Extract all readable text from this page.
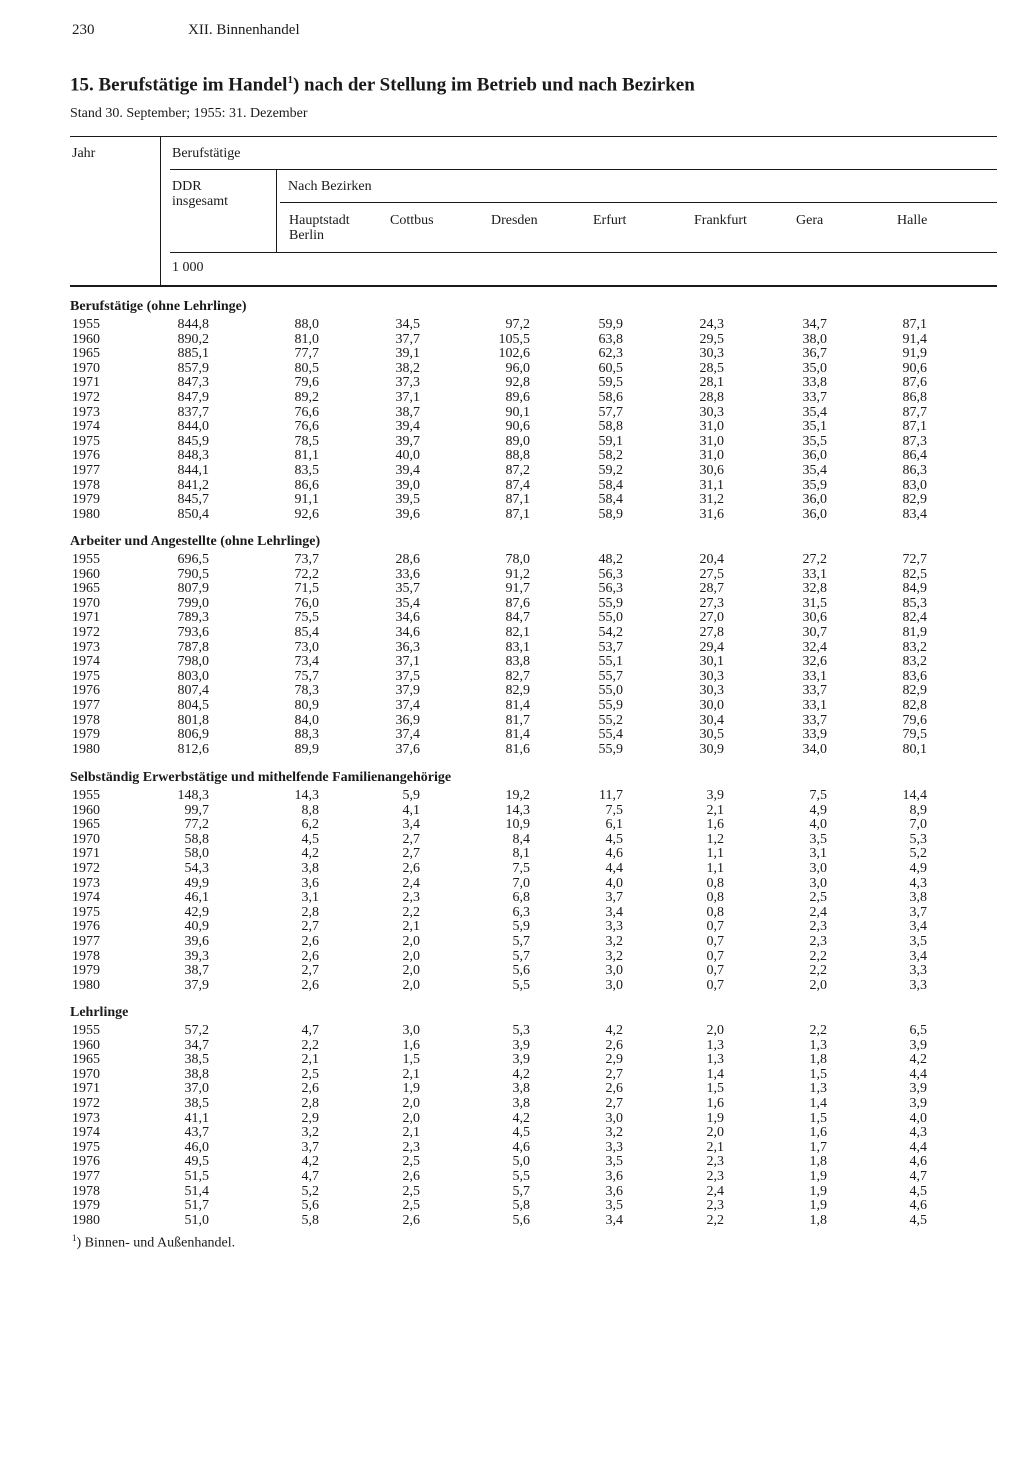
230	XII. Binnenhandel
15. Berufstätige im Handel$^1$) nach der Stellung im Betrieb und nach Bezirken
Stand 30. September; 1955: 31. Dezember
Jahr	Berufstätige
DDR
insgesamt
Nach Bezirken
Hauptstadt
Berlin
Cottbus	Dresden	Erfurt	Frankfurt	Gera	Halle
1 000
Berufstätige (ohne Lehrlinge)
1955	844,8	88,0	34,5	97,2	59,9	24,3	34,7	87,1
1960	890,2	81,0	37,7	105,5	63,8	29,5	38,0	91,4
1965	885,1	77,7	39,1	102,6	62,3	30,3	36,7	91,9
1970	857,9	80,5	38,2	96,0	60,5	28,5	35,0	90,6
1971	847,3	79,6	37,3	92,8	59,5	28,1	33,8	87,6
1972	847,9	89,2	37,1	89,6	58,6	28,8	33,7	86,8
1973	837,7	76,6	38,7	90,1	57,7	30,3	35,4	87,7
1974	844,0	76,6	39,4	90,6	58,8	31,0	35,1	87,1
1975	845,9	78,5	39,7	89,0	59,1	31,0	35,5	87,3
1976	848,3	81,1	40,0	88,8	58,2	31,0	36,0	86,4
1977	844,1	83,5	39,4	87,2	59,2	30,6	35,4	86,3
1978	841,2	86,6	39,0	87,4	58,4	31,1	35,9	83,0
1979	845,7	91,1	39,5	87,1	58,4	31,2	36,0	82,9
1980	850,4	92,6	39,6	87,1	58,9	31,6	36,0	83,4
Arbeiter und Angestellte (ohne Lehrlinge)
1955	696,5	73,7	28,6	78,0	48,2	20,4	27,2	72,7
1960	790,5	72,2	33,6	91,2	56,3	27,5	33,1	82,5
1965	807,9	71,5	35,7	91,7	56,3	28,7	32,8	84,9
1970	799,0	76,0	35,4	87,6	55,9	27,3	31,5	85,3
1971	789,3	75,5	34,6	84,7	55,0	27,0	30,6	82,4
1972	793,6	85,4	34,6	82,1	54,2	27,8	30,7	81,9
1973	787,8	73,0	36,3	83,1	53,7	29,4	32,4	83,2
1974	798,0	73,4	37,1	83,8	55,1	30,1	32,6	83,2
1975	803,0	75,7	37,5	82,7	55,7	30,3	33,1	83,6
1976	807,4	78,3	37,9	82,9	55,0	30,3	33,7	82,9
1977	804,5	80,9	37,4	81,4	55,9	30,0	33,1	82,8
1978	801,8	84,0	36,9	81,7	55,2	30,4	33,7	79,6
1979	806,9	88,3	37,4	81,4	55,4	30,5	33,9	79,5
1980	812,6	89,9	37,6	81,6	55,9	30,9	34,0	80,1
Selbständig Erwerbstätige und mithelfende Familienangehörige
1955	148,3	14,3	5,9	19,2	11,7	3,9	7,5	14,4
1960	99,7	8,8	4,1	14,3	7,5	2,1	4,9	8,9
1965	77,2	6,2	3,4	10,9	6,1	1,6	4,0	7,0
1970	58,8	4,5	2,7	8,4	4,5	1,2	3,5	5,3
1971	58,0	4,2	2,7	8,1	4,6	1,1	3,1	5,2
1972	54,3	3,8	2,6	7,5	4,4	1,1	3,0	4,9
1973	49,9	3,6	2,4	7,0	4,0	0,8	3,0	4,3
1974	46,1	3,1	2,3	6,8	3,7	0,8	2,5	3,8
1975	42,9	2,8	2,2	6,3	3,4	0,8	2,4	3,7
1976	40,9	2,7	2,1	5,9	3,3	0,7	2,3	3,4
1977	39,6	2,6	2,0	5,7	3,2	0,7	2,3	3,5
1978	39,3	2,6	2,0	5,7	3,2	0,7	2,2	3,4
1979	38,7	2,7	2,0	5,6	3,0	0,7	2,2	3,3
1980	37,9	2,6	2,0	5,5	3,0	0,7	2,0	3,3
Lehrlinge
1955	57,2	4,7	3,0	5,3	4,2	2,0	2,2	6,5
1960	34,7	2,2	1,6	3,9	2,6	1,3	1,3	3,9
1965	38,5	2,1	1,5	3,9	2,9	1,3	1,8	4,2
1970	38,8	2,5	2,1	4,2	2,7	1,4	1,5	4,4
1971	37,0	2,6	1,9	3,8	2,6	1,5	1,3	3,9
1972	38,5	2,8	2,0	3,8	2,7	1,6	1,4	3,9
1973	41,1	2,9	2,0	4,2	3,0	1,9	1,5	4,0
1974	43,7	3,2	2,1	4,5	3,2	2,0	1,6	4,3
1975	46,0	3,7	2,3	4,6	3,3	2,1	1,7	4,4
1976	49,5	4,2	2,5	5,0	3,5	2,3	1,8	4,6
1977	51,5	4,7	2,6	5,5	3,6	2,3	1,9	4,7
1978	51,4	5,2	2,5	5,7	3,6	2,4	1,9	4,5
1979	51,7	5,6	2,5	5,8	3,5	2,3	1,9	4,6
1980	51,0	5,8	2,6	5,6	3,4	2,2	1,8	4,5
$^1$) Binnen- und Außenhandel.
